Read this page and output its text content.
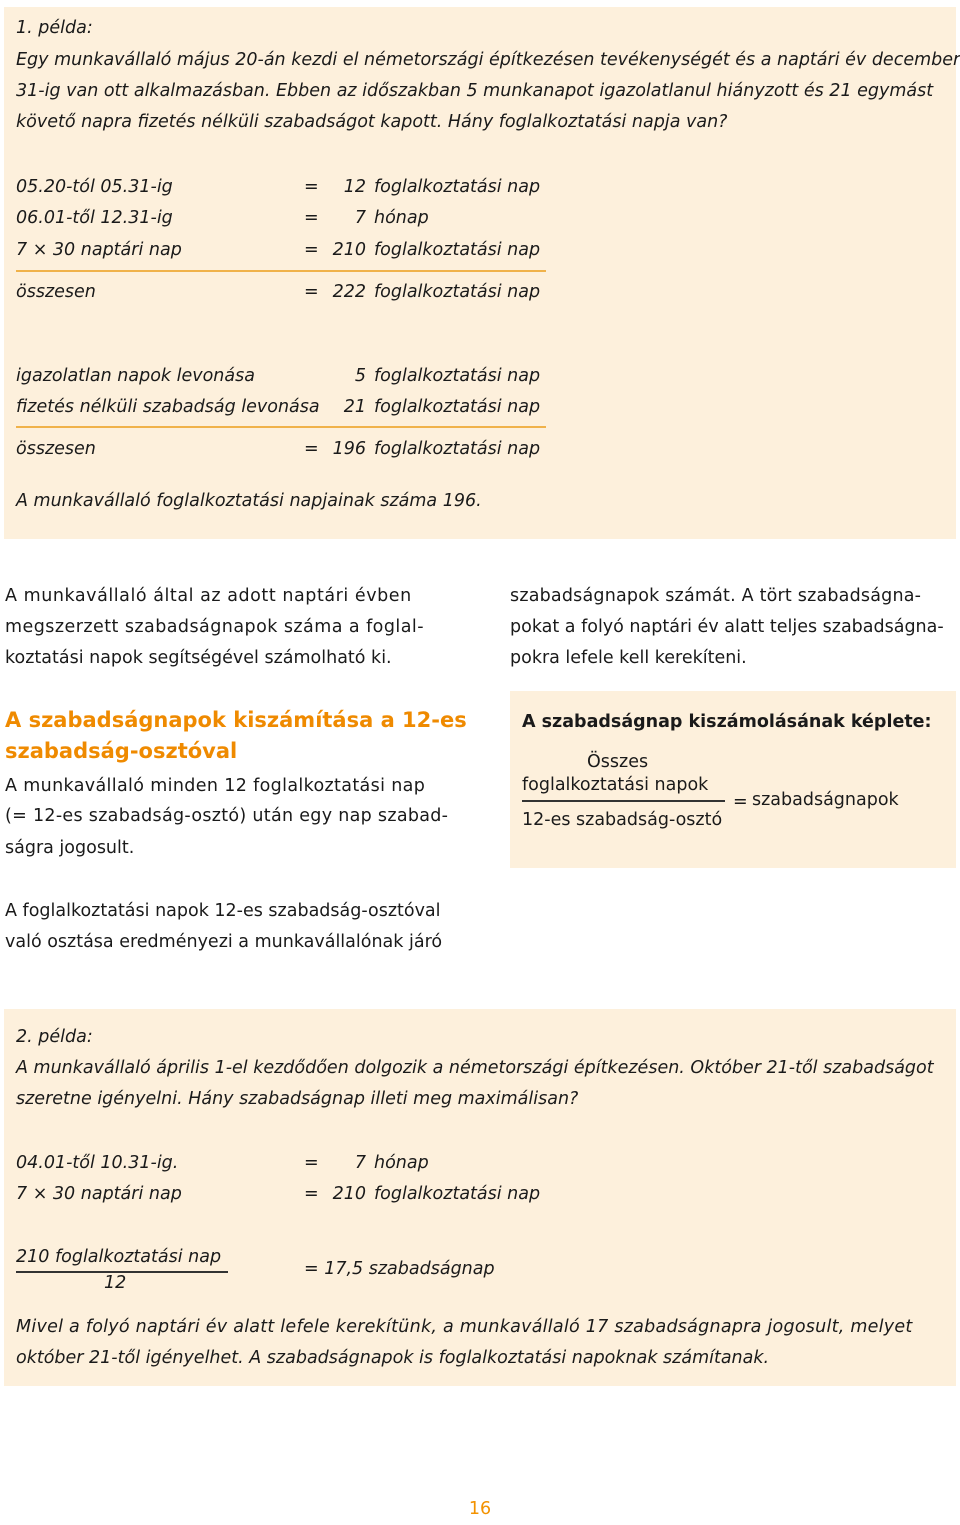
1. példa:
Egy munkavállaló május 20-án kezdi el németországi építkezésen tevékenységét és a naptári év december
31-ig van ott alkalmazásban. Ebben az időszakban 5 munkanapot igazolatlanul hiányzott és 21 egymást
követő napra fizetés nélküli szabadságot kapott. Hány foglalkoztatási napja van?
05.20-tól 05.31-ig	=	12 foglalkoztatási nap
06.01-től 12.31-ig	=	7 hónap
7 × 30 naptári nap	= 210 foglalkoztatási nap
összesen	= 222 foglalkoztatási nap
igazolatlan napok levonása	5 foglalkoztatási nap
fizetés nélküli szabadság levonása	21 foglalkoztatási nap
összesen	= 196 foglalkoztatási nap
A munkavállaló foglalkoztatási napjainak száma 196.
A munkavállaló által az adott naptári évben
megszerzett szabadságnapok száma a foglal-
koztatási napok segítségével számolható ki.
A szabadságnapok kiszámítása a 12-es
szabadság-osztóval
A munkavállaló minden 12 foglalkoztatási nap
(= 12-es szabadság-osztó) után egy nap szabad-
ságra jogosult.
A foglalkoztatási napok 12-es szabadság-osztóval
való osztása eredményezi a munkavállalónak járó
szabadságnapok számát. A tört szabadságna-
pokat a folyó naptári év alatt teljes szabadságna-
pokra lefele kell kerekíteni.
A szabadságnap kiszámolásának képlete:
Összes
foglalkoztatási napok
= szabadságnapok
12-es szabadság-osztó
2. példa:
A munkavállaló április 1-el kezdődően dolgozik a németországi építkezésen. Október 21-től szabadságot
szeretne igényelni. Hány szabadságnap illeti meg maximálisan?
04.01-től 10.31-ig.	=	7 hónap
7 × 30 naptári nap	= 210 foglalkoztatási nap
210 foglalkoztatási nap
12
= 17,5 szabadságnap
Mivel a folyó naptári év alatt lefele kerekítünk, a munkavállaló 17 szabadságnapra jogosult, melyet
október 21-től igényelhet. A szabadságnapok is foglalkoztatási napoknak számítanak.
16
